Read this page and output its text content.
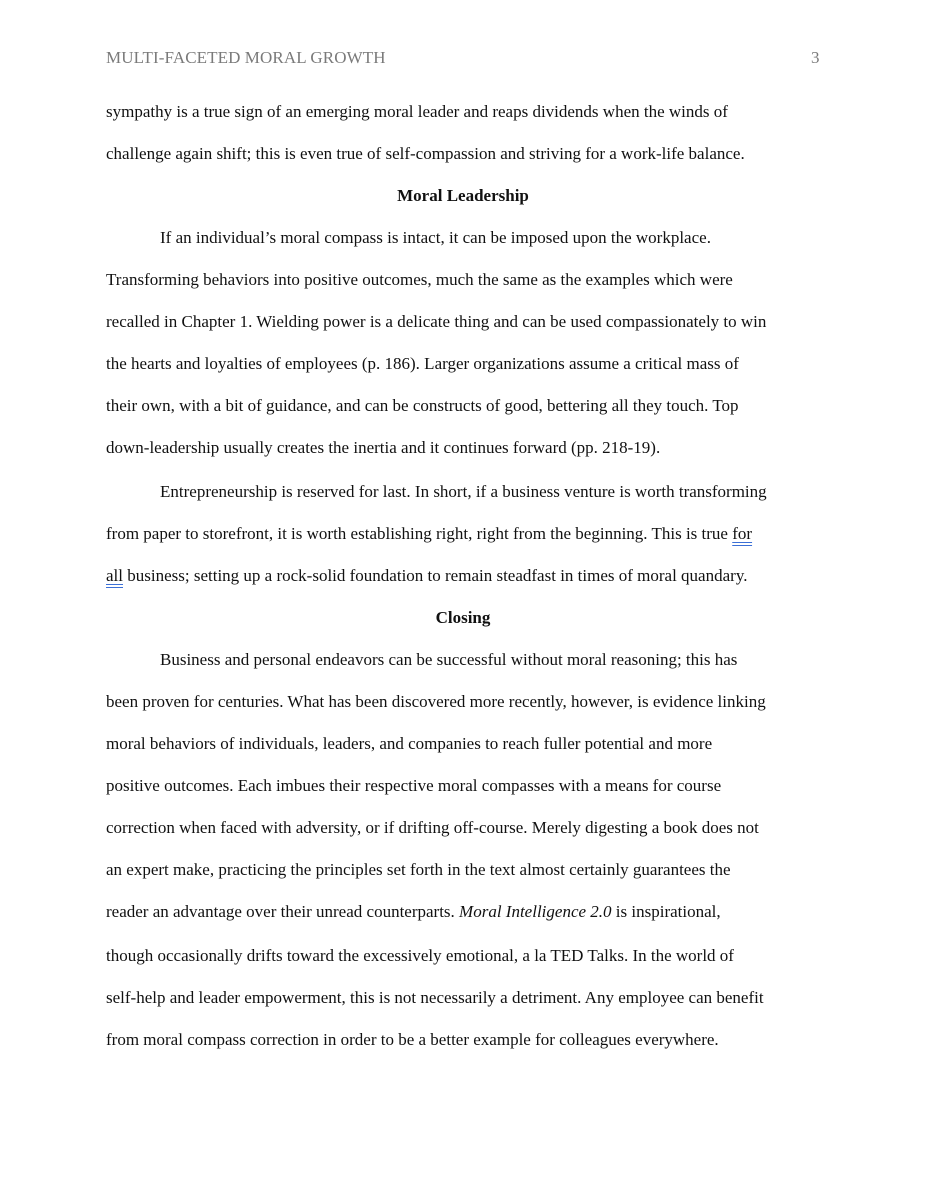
MULTI-FACETED MORAL GROWTH	3
sympathy is a true sign of an emerging moral leader and reaps dividends when the winds of
challenge again shift; this is even true of self-compassion and striving for a work-life balance.
Moral Leadership
If an individual’s moral compass is intact, it can be imposed upon the workplace.
Transforming behaviors into positive outcomes, much the same as the examples which were
recalled in Chapter 1. Wielding power is a delicate thing and can be used compassionately to win
the hearts and loyalties of employees (p. 186). Larger organizations assume a critical mass of
their own, with a bit of guidance, and can be constructs of good, bettering all they touch. Top
down-leadership usually creates the inertia and it continues forward (pp. 218-19).
Entrepreneurship is reserved for last. In short, if a business venture is worth transforming
from paper to storefront, it is worth establishing right, right from the beginning. This is true for
all business; setting up a rock-solid foundation to remain steadfast in times of moral quandary.
Closing
Business and personal endeavors can be successful without moral reasoning; this has
been proven for centuries. What has been discovered more recently, however, is evidence linking
moral behaviors of individuals, leaders, and companies to reach fuller potential and more
positive outcomes. Each imbues their respective moral compasses with a means for course
correction when faced with adversity, or if drifting off-course. Merely digesting a book does not
an expert make, practicing the principles set forth in the text almost certainly guarantees the
reader an advantage over their unread counterparts. Moral Intelligence 2.0 is inspirational,
though occasionally drifts toward the excessively emotional, a la TED Talks. In the world of
self-help and leader empowerment, this is not necessarily a detriment. Any employee can benefit
from moral compass correction in order to be a better example for colleagues everywhere.
